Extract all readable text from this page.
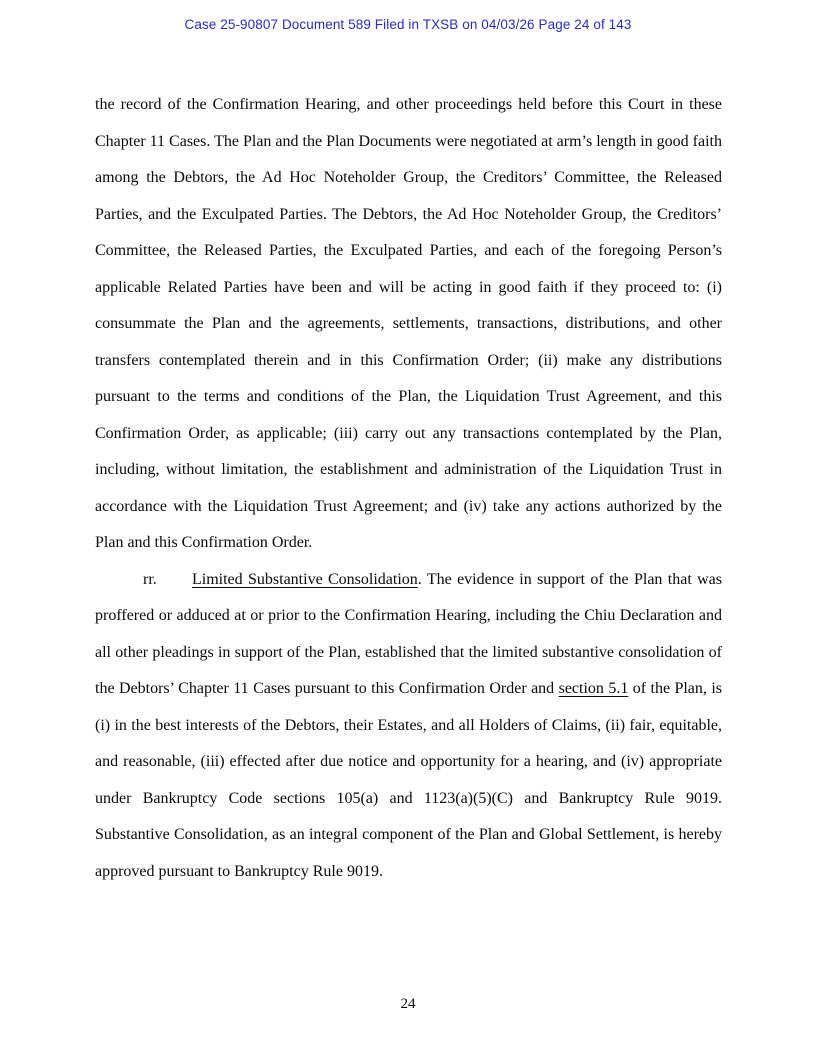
Case 25-90807 Document 589 Filed in TXSB on 04/03/26 Page 24 of 143

the record of the Confirmation Hearing, and other proceedings held before this Court in these Chapter 11 Cases. The Plan and the Plan Documents were negotiated at arm’s length in good faith among the Debtors, the Ad Hoc Noteholder Group, the Creditors’ Committee, the Released Parties, and the Exculpated Parties. The Debtors, the Ad Hoc Noteholder Group, the Creditors’ Committee, the Released Parties, the Exculpated Parties, and each of the foregoing Person’s applicable Related Parties have been and will be acting in good faith if they proceed to: (i) consummate the Plan and the agreements, settlements, transactions, distributions, and other transfers contemplated therein and in this Confirmation Order; (ii) make any distributions pursuant to the terms and conditions of the Plan, the Liquidation Trust Agreement, and this Confirmation Order, as applicable; (iii) carry out any transactions contemplated by the Plan, including, without limitation, the establishment and administration of the Liquidation Trust in accordance with the Liquidation Trust Agreement; and (iv) take any actions authorized by the Plan and this Confirmation Order.

rr. Limited Substantive Consolidation. The evidence in support of the Plan that was proffered or adduced at or prior to the Confirmation Hearing, including the Chiu Declaration and all other pleadings in support of the Plan, established that the limited substantive consolidation of the Debtors’ Chapter 11 Cases pursuant to this Confirmation Order and section 5.1 of the Plan, is (i) in the best interests of the Debtors, their Estates, and all Holders of Claims, (ii) fair, equitable, and reasonable, (iii) effected after due notice and opportunity for a hearing, and (iv) appropriate under Bankruptcy Code sections 105(a) and 1123(a)(5)(C) and Bankruptcy Rule 9019. Substantive Consolidation, as an integral component of the Plan and Global Settlement, is hereby approved pursuant to Bankruptcy Rule 9019.

24
